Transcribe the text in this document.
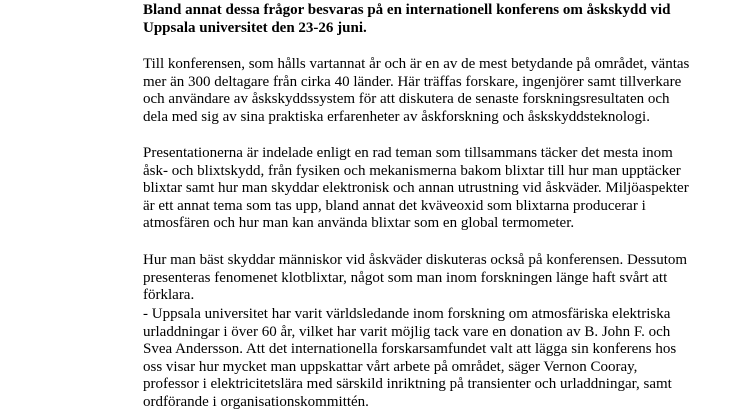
Bland annat dessa frågor besvaras på en internationell konferens om åskskydd vid
Uppsala universitet den 23-26 juni.
Till konferensen, som hålls vartannat år och är en av de mest betydande på området, väntas
mer än 300 deltagare från cirka 40 länder. Här träffas forskare, ingenjörer samt tillverkare
och användare av åskskyddssystem för att diskutera de senaste forskningsresultaten och
dela med sig av sina praktiska erfarenheter av åskforskning och åskskyddsteknologi.
Presentationerna är indelade enligt en rad teman som tillsammans täcker det mesta inom
åsk- och blixtskydd, från fysiken och mekanismerna bakom blixtar till hur man upptäcker
blixtar samt hur man skyddar elektronisk och annan utrustning vid åskväder. Miljöaspekter
är ett annat tema som tas upp, bland annat det kväveoxid som blixtarna producerar i
atmosfären och hur man kan använda blixtar som en global termometer.
Hur man bäst skyddar människor vid åskväder diskuteras också på konferensen. Dessutom
presenteras fenomenet klotblixtar, något som man inom forskningen länge haft svårt att
förklara.
- Uppsala universitet har varit världsledande inom forskning om atmosfäriska elektriska
urladdningar i över 60 år, vilket har varit möjlig tack vare en donation av B. John F. och
Svea Andersson. Att det internationella forskarsamfundet valt att lägga sin konferens hos
oss visar hur mycket man uppskattar vårt arbete på området, säger Vernon Cooray,
professor i elektricitetslära med särskild inriktning på transienter och urladdningar, samt
ordförande i organisationskommittén.
